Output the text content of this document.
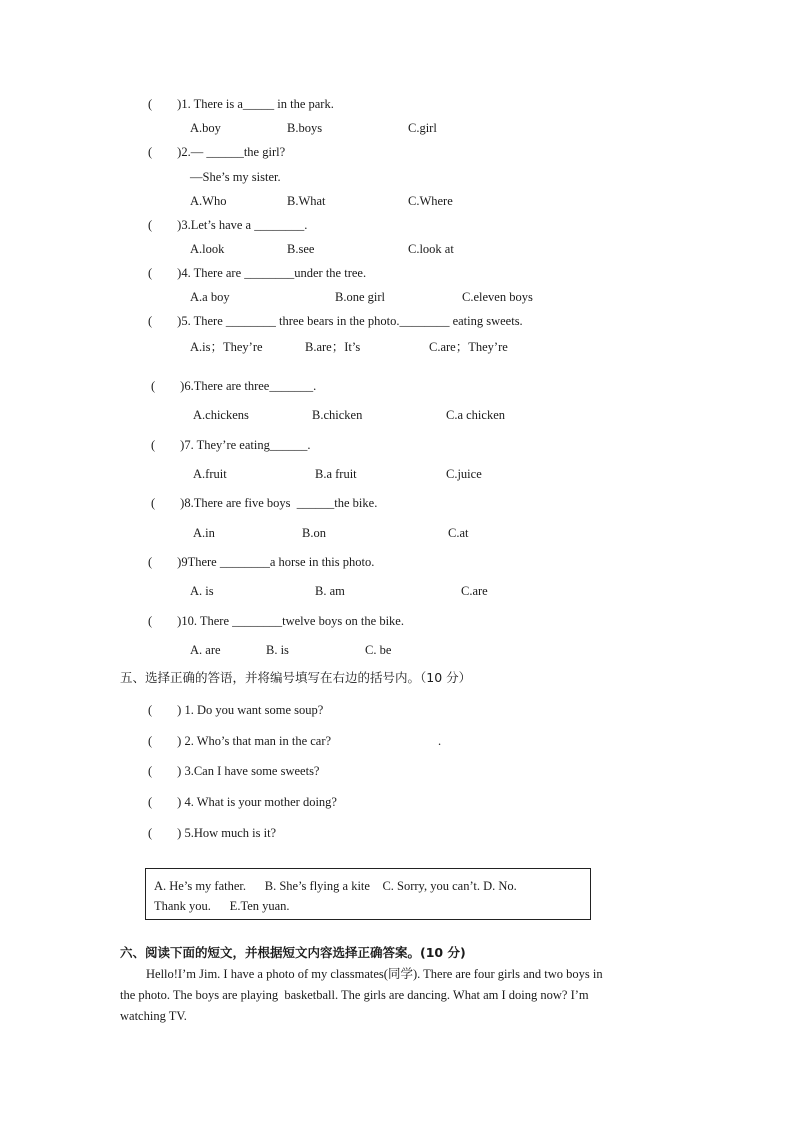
(        )1. There is a_____ in the park.
A.boy	B.boys	C.girl
(        )2.— ______the girl?
—She’s my sister.
A.Who	B.What	C.Where
(        )3.Let’s have a ________.
A.look	B.see	C.look at
(        )4. There are ________under the tree.
A.a boy	B.one girl	C.eleven boys
(        )5. There ________ three bears in the photo.________ eating sweets.
A.is；They’re	B.are；It’s	C.are；They’re
(        )6.There are three_______.
A.chickens	B.chicken	C.a chicken
(        )7. They’re eating______.
A.fruit	B.a fruit	C.juice
(        )8.There are five boys  ______the bike.
A.in	B.on	C.at
(        )9There ________a horse in this photo.
A. is	B. am	C.are
(        )10. There ________twelve boys on the bike.
A. are	B. is	C. be
五、选择正确的答语，并将编号填写在右边的括号内。（10 分）
(        ) 1. Do you want some soup?
(        ) 2. Who’s that man in the car?	.
(        ) 3.Can I have some sweets?
(        ) 4. What is your mother doing?
(        ) 5.How much is it?
A. He’s my father.      B. She’s flying a kite    C. Sorry, you can’t. D. No.
Thank you.      E.Ten yuan.
六、阅读下面的短文，并根据短文内容选择正确答案。(10 分)
Hello!I’m Jim. I have a photo of my classmates(同学). There are four girls and two boys in
the photo. The boys are playing  basketball. The girls are dancing. What am I doing now? I’m
watching TV.
